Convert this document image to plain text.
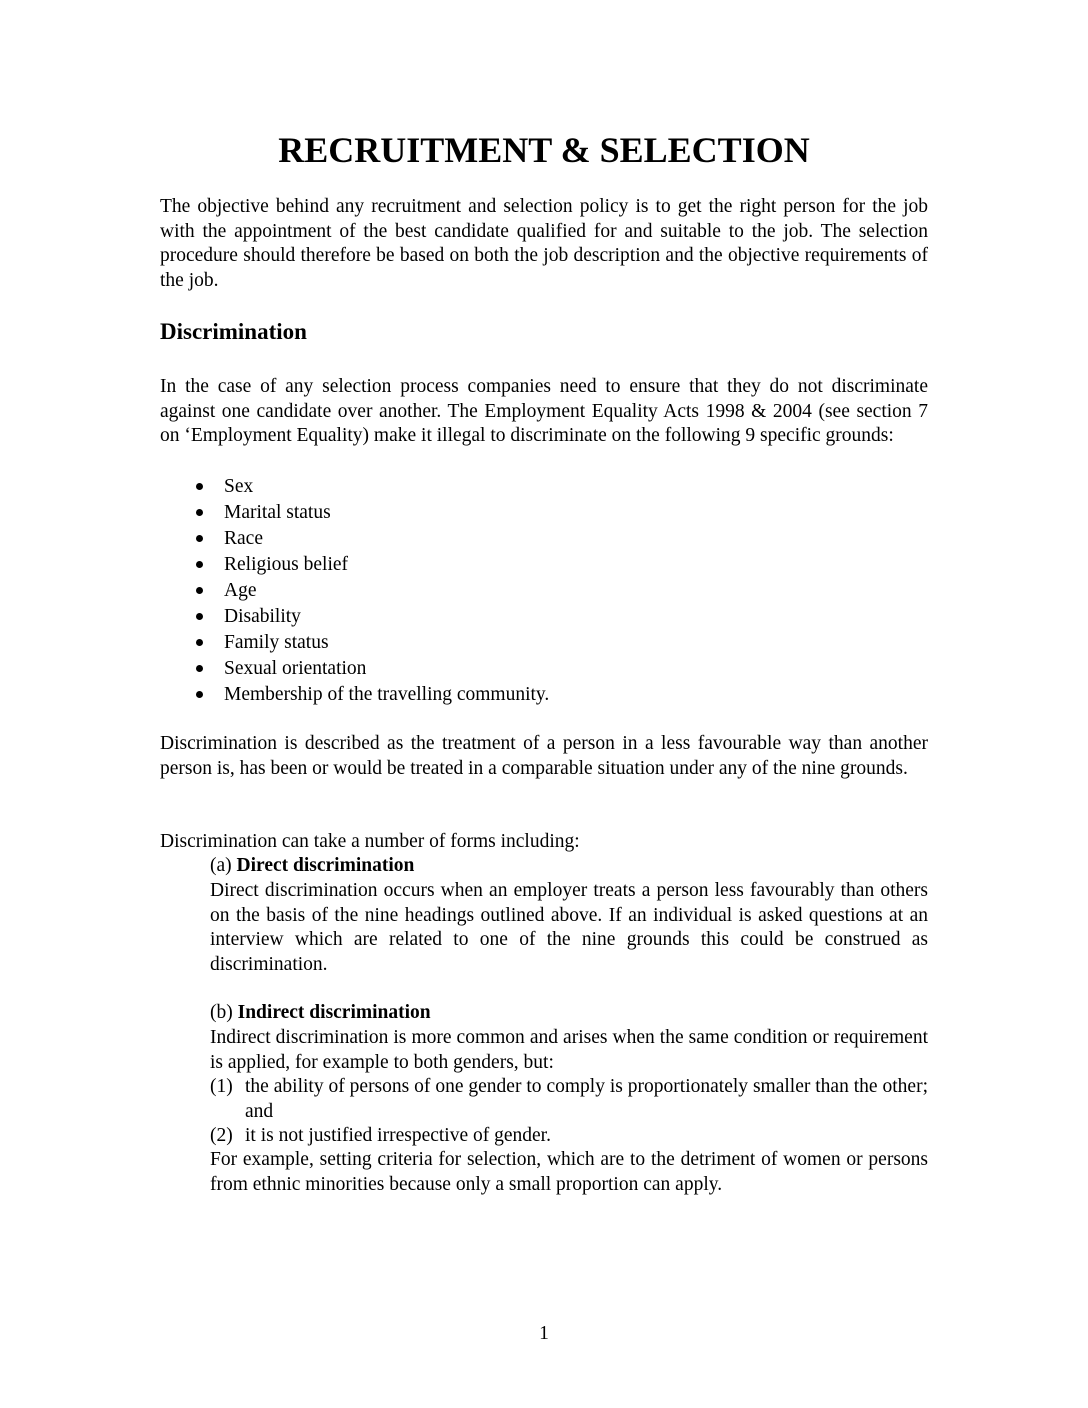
RECRUITMENT & SELECTION

The objective behind any recruitment and selection policy is to get the right person for the job with the appointment of the best candidate qualified for and suitable to the job. The selection procedure should therefore be based on both the job description and the objective requirements of the job.

Discrimination

In the case of any selection process companies need to ensure that they do not discriminate against one candidate over another. The Employment Equality Acts 1998 & 2004 (see section 7 on ‘Employment Equality) make it illegal to discriminate on the following 9 specific grounds:

Sex
Marital status
Race
Religious belief
Age
Disability
Family status
Sexual orientation
Membership of the travelling community.

Discrimination is described as the treatment of a person in a less favourable way than another person is, has been or would be treated in a comparable situation under any of the nine grounds.

Discrimination can take a number of forms including:

(a) Direct discrimination

Direct discrimination occurs when an employer treats a person less favourably than others on the basis of the nine headings outlined above. If an individual is asked questions at an interview which are related to one of the nine grounds this could be construed as discrimination.

(b) Indirect discrimination

Indirect discrimination is more common and arises when the same condition or requirement is applied, for example to both genders, but:

(1) the ability of persons of one gender to comply is proportionately smaller than the other; and
(2) it is not justified irrespective of gender.

For example, setting criteria for selection, which are to the detriment of women or persons from ethnic minorities because only a small proportion can apply.

1
